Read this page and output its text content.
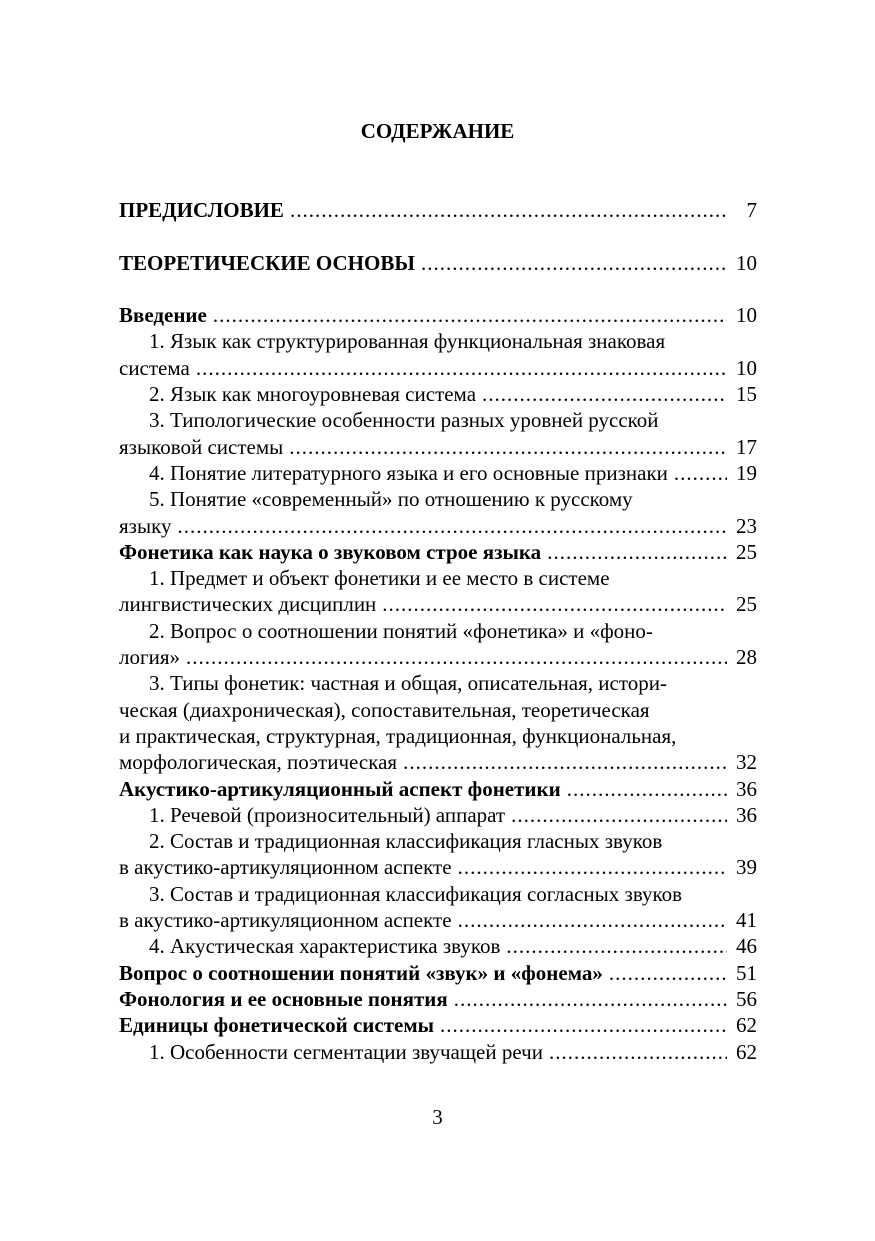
СОДЕРЖАНИЕ
ПРЕДИСЛОВИЕ .....	7
ТЕОРЕТИЧЕСКИЕ ОСНОВЫ .....	10
Введение .....	10
1. Язык как структурированная функциональная знаковая
система .....	10
2. Язык как многоуровневая система .....	15
3. Типологические особенности разных уровней русской
языковой системы .....	17
4. Понятие литературного языка и его основные признаки .....	19
5. Понятие «современный» по отношению к русскому
языку .....	23
Фонетика как наука о звуковом строе языка .....	25
1. Предмет и объект фонетики и ее место в системе
лингвистических дисциплин .....	25
2. Вопрос о соотношении понятий «фонетика» и «фоно-
логия» .....	28
3. Типы фонетик: частная и общая, описательная, истори-
ческая (диахроническая), сопоставительная, теоретическая
и практическая, структурная, традиционная, функциональная,
морфологическая, поэтическая .....	32
Акустико-артикуляционный аспект фонетики .....	36
1. Речевой (произносительный) аппарат .....	36
2. Состав и традиционная классификация гласных звуков
в акустико-артикуляционном аспекте .....	39
3. Состав и традиционная классификация согласных звуков
в акустико-артикуляционном аспекте .....	41
4. Акустическая характеристика звуков .....	46
Вопрос о соотношении понятий «звук» и «фонема» .....	51
Фонология и ее основные понятия .....	56
Единицы фонетической системы .....	62
1. Особенности сегментации звучащей речи .....	62
3
